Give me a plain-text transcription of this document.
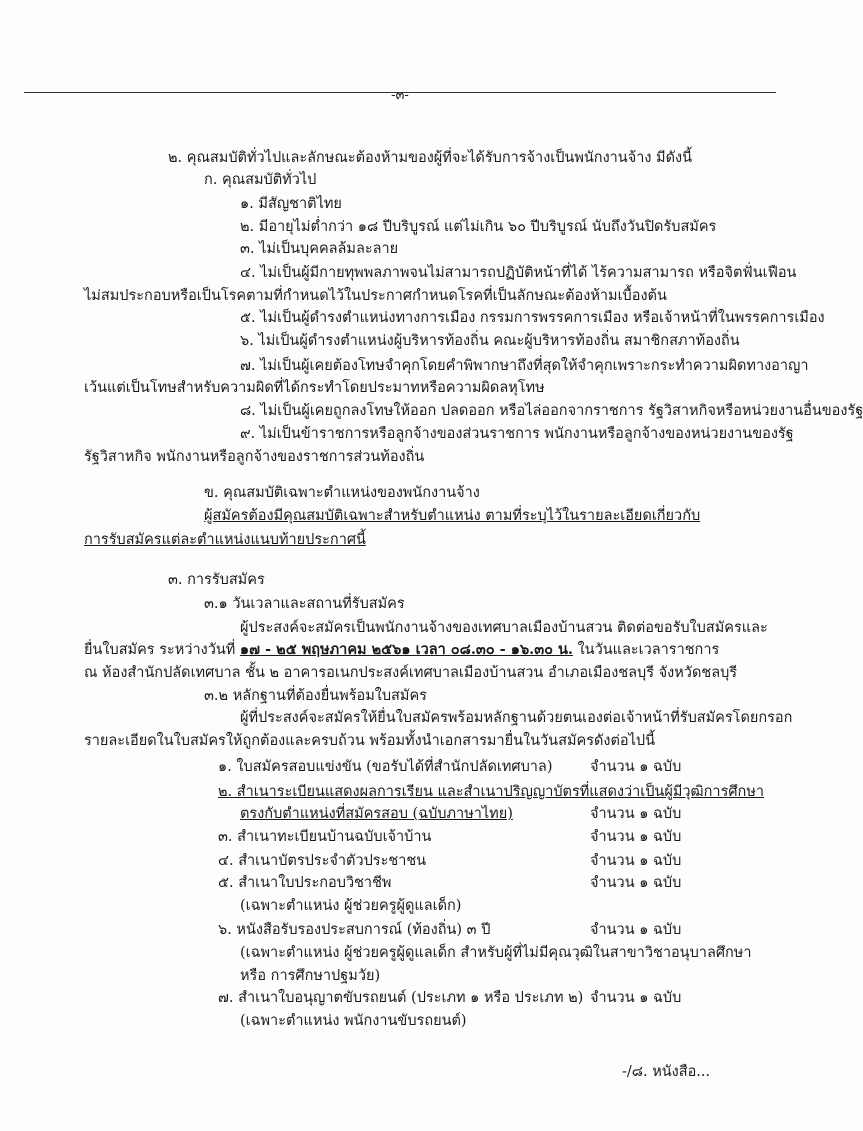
-๓-
๒. คุณสมบัติทั่วไปและลักษณะต้องห้ามของผู้ที่จะได้รับการจ้างเป็นพนักงานจ้าง มีดังนี้
ก. คุณสมบัติทั่วไป
๑. มีสัญชาติไทย
๒. มีอายุไม่ต่ำกว่า ๑๘ ปีบริบูรณ์ แต่ไม่เกิน ๖๐ ปีบริบูรณ์ นับถึงวันปิดรับสมัคร
๓. ไม่เป็นบุคคลล้มละลาย
๔. ไม่เป็นผู้มีกายทุพพลภาพจนไม่สามารถปฏิบัติหน้าที่ได้ ไร้ความสามารถ หรือจิตฟั่นเฟือน
ไม่สมประกอบหรือเป็นโรคตามที่กำหนดไว้ในประกาศกำหนดโรคที่เป็นลักษณะต้องห้ามเบื้องต้น
๕. ไม่เป็นผู้ดำรงตำแหน่งทางการเมือง กรรมการพรรคการเมือง หรือเจ้าหน้าที่ในพรรคการเมือง
๖. ไม่เป็นผู้ดำรงตำแหน่งผู้บริหารท้องถิ่น คณะผู้บริหารท้องถิ่น สมาชิกสภาท้องถิ่น
๗. ไม่เป็นผู้เคยต้องโทษจำคุกโดยคำพิพากษาถึงที่สุดให้จำคุกเพราะกระทำความผิดทางอาญา
เว้นแต่เป็นโทษสำหรับความผิดที่ได้กระทำโดยประมาทหรือความผิดลหุโทษ
๘. ไม่เป็นผู้เคยถูกลงโทษให้ออก ปลดออก หรือไล่ออกจากราชการ รัฐวิสาหกิจหรือหน่วยงานอื่นของรัฐ
๙. ไม่เป็นข้าราชการหรือลูกจ้างของส่วนราชการ พนักงานหรือลูกจ้างของหน่วยงานของรัฐ
รัฐวิสาหกิจ พนักงานหรือลูกจ้างของราชการส่วนท้องถิ่น
ข. คุณสมบัติเฉพาะตำแหน่งของพนักงานจ้าง
ผู้สมัครต้องมีคุณสมบัติเฉพาะสำหรับตำแหน่ง ตามที่ระบุไว้ในรายละเอียดเกี่ยวกับ
การรับสมัครแต่ละตำแหน่งแนบท้ายประกาศนี้
๓. การรับสมัคร
๓.๑ วันเวลาและสถานที่รับสมัคร
ผู้ประสงค์จะสมัครเป็นพนักงานจ้างของเทศบาลเมืองบ้านสวน ติดต่อขอรับใบสมัครและ
ยื่นใบสมัคร ระหว่างวันที่ ๑๗ - ๒๕ พฤษภาคม ๒๕๖๑ เวลา ๐๘.๓๐ - ๑๖.๓๐ น. ในวันและเวลาราชการ
ณ ห้องสำนักปลัดเทศบาล ชั้น ๒ อาคารอเนกประสงค์เทศบาลเมืองบ้านสวน อำเภอเมืองชลบุรี จังหวัดชลบุรี
๓.๒ หลักฐานที่ต้องยื่นพร้อมใบสมัคร
ผู้ที่ประสงค์จะสมัครให้ยื่นใบสมัครพร้อมหลักฐานด้วยตนเองต่อเจ้าหน้าที่รับสมัครโดยกรอก
รายละเอียดในใบสมัครให้ถูกต้องและครบถ้วน พร้อมทั้งนำเอกสารมายื่นในวันสมัครดังต่อไปนี้
๑. ใบสมัครสอบแข่งขัน (ขอรับได้ที่สำนักปลัดเทศบาล)	จำนวน ๑ ฉบับ
๒. สำเนาระเบียนแสดงผลการเรียน และสำเนาปริญญาบัตรที่แสดงว่าเป็นผู้มีวุฒิการศึกษา
ตรงกับตำแหน่งที่สมัครสอบ (ฉบับภาษาไทย)	จำนวน ๑ ฉบับ
๓. สำเนาทะเบียนบ้านฉบับเจ้าบ้าน	จำนวน ๑ ฉบับ
๔. สำเนาบัตรประจำตัวประชาชน	จำนวน ๑ ฉบับ
๕. สำเนาใบประกอบวิชาชีพ	จำนวน ๑ ฉบับ
(เฉพาะตำแหน่ง ผู้ช่วยครูผู้ดูแลเด็ก)
๖. หนังสือรับรองประสบการณ์ (ท้องถิ่น) ๓ ปี	จำนวน ๑ ฉบับ
(เฉพาะตำแหน่ง ผู้ช่วยครูผู้ดูแลเด็ก สำหรับผู้ที่ไม่มีคุณวุฒิในสาขาวิชาอนุบาลศึกษา
หรือ การศึกษาปฐมวัย)
๗. สำเนาใบอนุญาตขับรถยนต์ (ประเภท ๑ หรือ ประเภท ๒) จำนวน ๑ ฉบับ
(เฉพาะตำแหน่ง พนักงานขับรถยนต์)
-/๘. หนังสือ...
